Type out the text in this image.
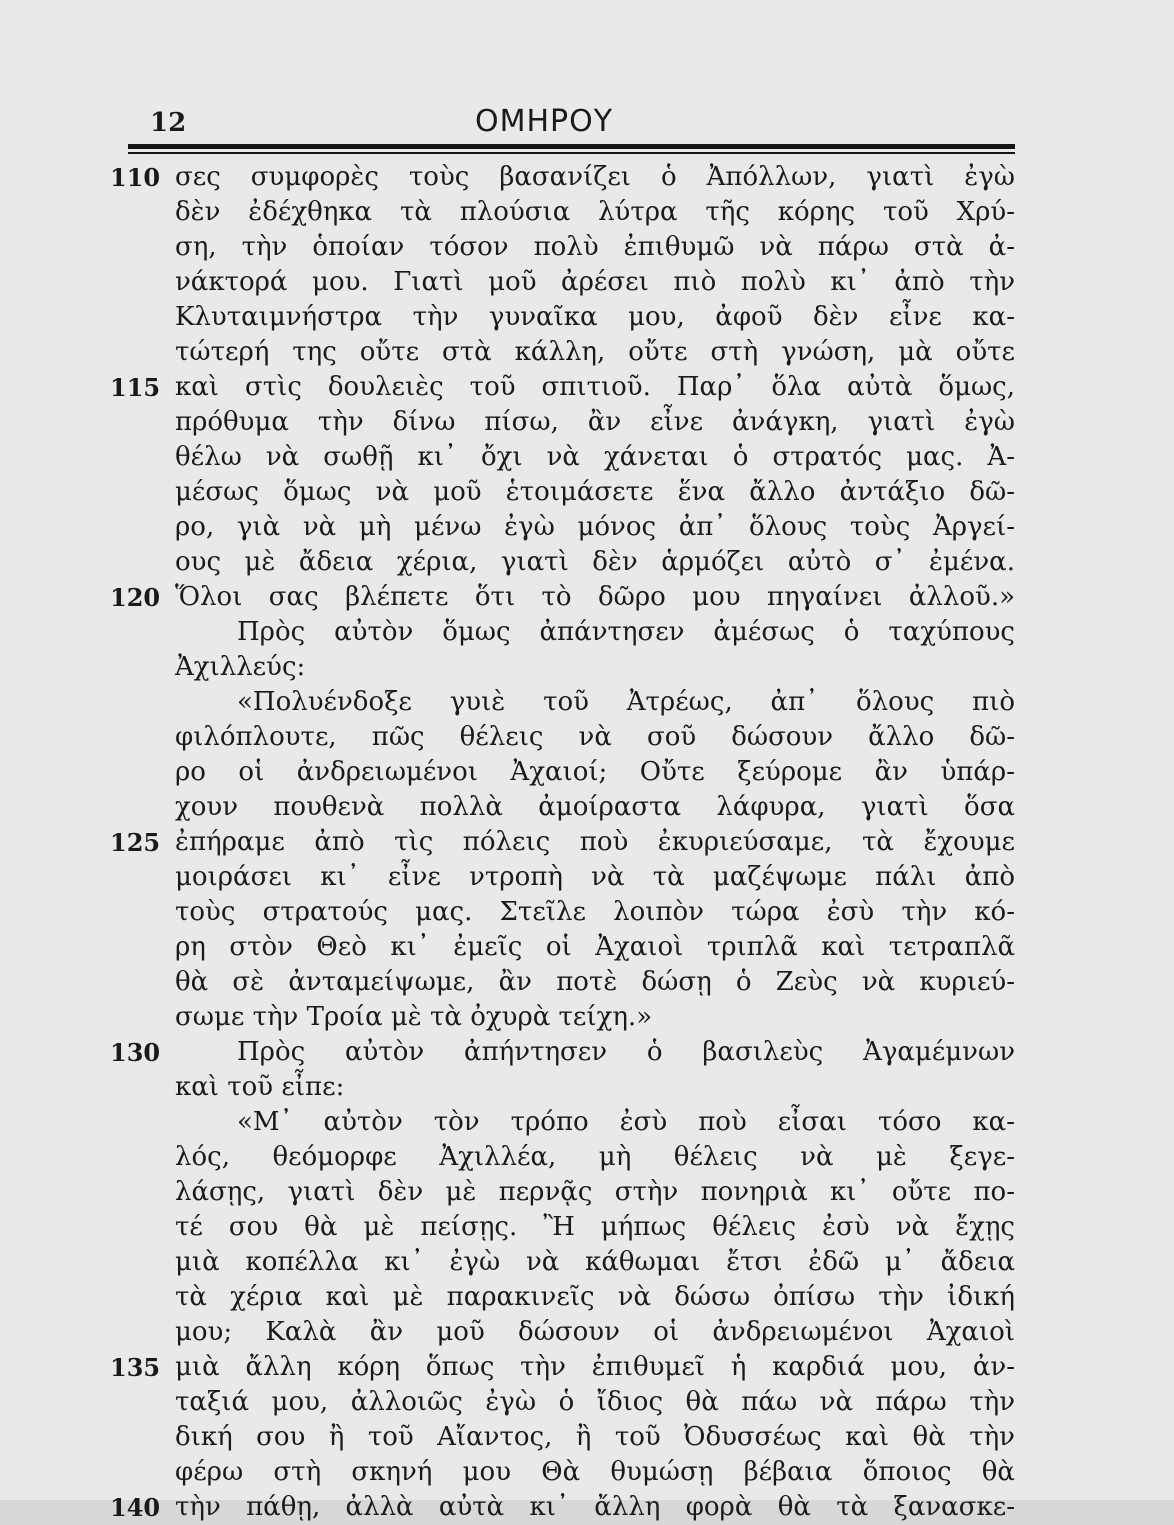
12	ΟΜΗΡΟΥ
110 σες συμφορὲς τοὺς βασανίζει ὁ Ἀπόλλων, γιατὶ ἐγὼ
δὲν ἐδέχθηκα τὰ πλούσια λύτρα τῆς κόρης τοῦ Χρύ-
ση, τὴν ὁποίαν τόσον πολὺ ἐπιθυμῶ νὰ πάρω στὰ ἀ-
νάκτορά μου. Γιατὶ μοῦ ἀρέσει πιὸ πολὺ κι᾽ ἀπὸ τὴν
Κλυταιμνήστρα τὴν γυναῖκα μου, ἀφοῦ δὲν εἶνε κα-
τώτερή της οὔτε στὰ κάλλη, οὔτε στὴ γνώση, μὰ οὔτε
115 καὶ στὶς δουλειὲς τοῦ σπιτιοῦ. Παρ᾽ ὅλα αὐτὰ ὅμως,
πρόθυμα τὴν δίνω πίσω, ἂν εἶνε ἀνάγκη, γιατὶ ἐγὼ
θέλω νὰ σωθῇ κι᾽ ὄχι νὰ χάνεται ὁ στρατός μας. Ἀ-
μέσως ὅμως νὰ μοῦ ἑτοιμάσετε ἕνα ἄλλο ἀντάξιο δῶ-
ρο, γιὰ νὰ μὴ μένω ἐγὼ μόνος ἀπ᾽ ὅλους τοὺς Ἀργεί-
ους μὲ ἄδεια χέρια, γιατὶ δὲν ἁρμόζει αὐτὸ σ᾽ ἐμένα.
120 Ὅλοι σας βλέπετε ὅτι τὸ δῶρο μου πηγαίνει ἀλλοῦ.»
Πρὸς αὐτὸν ὅμως ἀπάντησεν ἀμέσως ὁ ταχύπους
Ἀχιλλεύς:
«Πολυένδοξε γυιὲ τοῦ Ἀτρέως, ἀπ᾽ ὅλους πιὸ
φιλόπλουτε, πῶς θέλεις νὰ σοῦ δώσουν ἄλλο δῶ-
ρο οἱ ἀνδρειωμένοι Ἀχαιοί; Οὔτε ξεύρομε ἂν ὑπάρ-
χουν πουθενὰ πολλὰ ἀμοίραστα λάφυρα, γιατὶ ὅσα
125 ἐπήραμε ἀπὸ τὶς πόλεις ποὺ ἐκυριεύσαμε, τὰ ἔχουμε
μοιράσει κι᾽ εἶνε ντροπὴ νὰ τὰ μαζέψωμε πάλι ἀπὸ
τοὺς στρατούς μας. Στεῖλε λοιπὸν τώρα ἐσὺ τὴν κό-
ρη στὸν Θεὸ κι᾽ ἐμεῖς οἱ Ἀχαιοὶ τριπλᾶ καὶ τετραπλᾶ
θὰ σὲ ἀνταμείψωμε, ἂν ποτὲ δώσῃ ὁ Ζεὺς νὰ κυριεύ-
σωμε τὴν Τροία μὲ τὰ ὀχυρὰ τείχη.»
130	Πρὸς αὐτὸν ἀπήντησεν ὁ βασιλεὺς Ἀγαμέμνων
καὶ τοῦ εἶπε:
«Μ᾽ αὐτὸν τὸν τρόπο ἐσὺ ποὺ εἶσαι τόσο κα-
λός, θεόμορφε Ἀχιλλέα, μὴ θέλεις νὰ μὲ ξεγε-
λάσῃς, γιατὶ δὲν μὲ περνᾷς στὴν πονηριὰ κι᾽ οὔτε πο-
τέ σου θὰ μὲ πείσῃς. Ἢ μήπως θέλεις ἐσὺ νὰ ἔχῃς
μιὰ κοπέλλα κι᾽ ἐγὼ νὰ κάθωμαι ἔτσι ἐδῶ μ᾽ ἄδεια
τὰ χέρια καὶ μὲ παρακινεῖς νὰ δώσω ὀπίσω τὴν ἰδική
μου; Καλὰ ἂν μοῦ δώσουν οἱ ἀνδρειωμένοι Ἀχαιοὶ
135 μιὰ ἄλλη κόρη ὅπως τὴν ἐπιθυμεῖ ἡ καρδιά μου, ἀν-
ταξιά μου, ἀλλοιῶς ἐγὼ ὁ ἴδιος θὰ πάω νὰ πάρω τὴν
δική σου ἢ τοῦ Αἴαντος, ἢ τοῦ Ὀδυσσέως καὶ θὰ τὴν
φέρω στὴ σκηνή μου Θὰ θυμώσῃ βέβαια ὅποιος θὰ
140 τὴν πάθῃ, ἀλλὰ αὐτὰ κι᾽ ἄλλη φορὰ θὰ τὰ ξανασκε-
